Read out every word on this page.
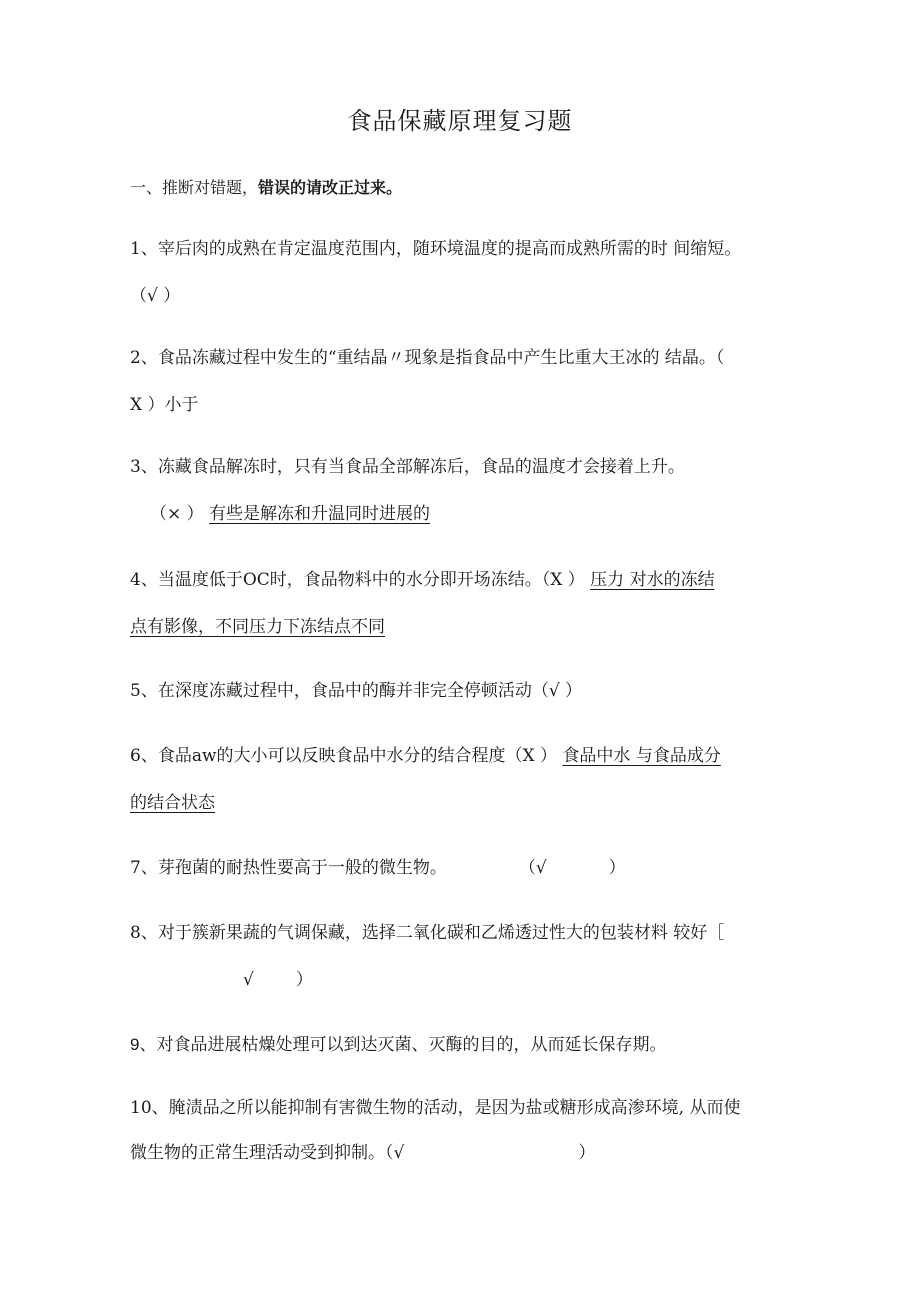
食品保藏原理复习题
一、推断对错题，错误的请改正过来。
1、宰后肉的成熟在肯定温度范围内，随环境温度的提高而成熟所需的时 间缩短。
（√ ）
2、食品冻藏过程中发生的“重结晶〃现象是指食品中产生比重大王冰的 结晶。（
X ）小于
3、冻藏食品解冻时，只有当食品全部解冻后，食品的温度才会接着上升。
（× ） 有些是解冻和升温同时进展的
4、当温度低于OC时，食品物料中的水分即开场冻结。（X ） 压力 对水的冻结
点有影像，不同压力下冻结点不同
5、在深度冻藏过程中，食品中的酶并非完全停顿活动（√ ）
6、食品aw的大小可以反映食品中水分的结合程度（X ） 食品中水 与食品成分
的结合状态
7、芽孢菌的耐热性要高于一般的微生物。	（√	）
8、对于簇新果蔬的气调保藏，选择二氧化碳和乙烯透过性大的包装材料 较好［
√ ）
9、对食品进展枯燥处理可以到达灭菌、灭酶的目的，从而延长保存期。
10、腌渍品之所以能抑制有害微生物的活动，是因为盐或糖形成高渗环境, 从而使
微生物的正常生理活动受到抑制。（√	）
